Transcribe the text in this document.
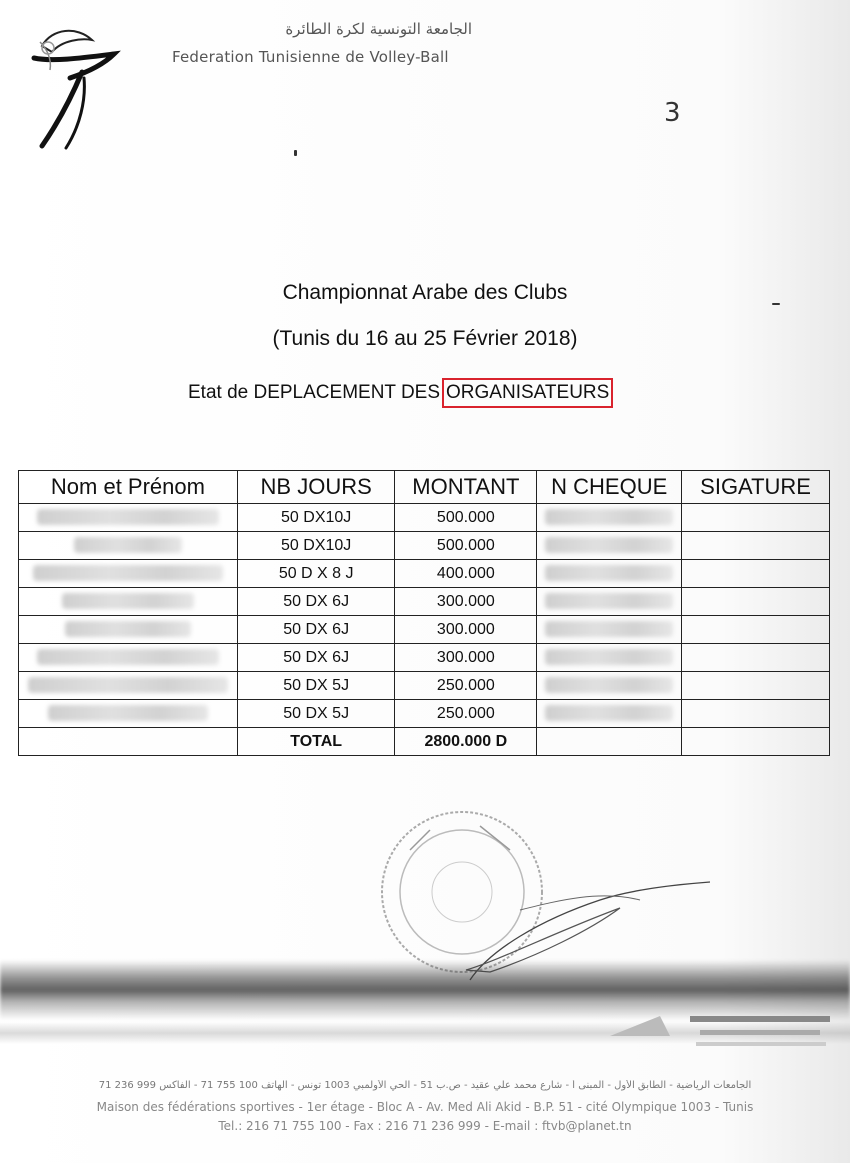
الجامعة التونسية لكرة الطائرة
Federation Tunisienne de Volley-Ball
3
Championnat Arabe des Clubs
(Tunis du 16 au 25 Février 2018)
Etat de DEPLACEMENT DES ORGANISATEURS
Nom et Prénom	NB JOURS	MONTANT	N CHEQUE	SIGATURE
	50 DX10J	500.000		
	50 DX10J	500.000		
	50 D X 8 J	400.000		
	50 DX 6J	300.000		
	50 DX 6J	300.000		
	50 DX 6J	300.000		
	50 DX 5J	250.000		
	50 DX 5J	250.000		
	TOTAL	2800.000 D		
الجامعات الرياضية - الطابق الأول - المبنى أ - شارع محمد علي عقيد - ص.ب 51 - الحي الأولمبي 1003 تونس - الهاتف 100 755 71 - الفاكس 999 236 71
Maison des fédérations sportives - 1er étage - Bloc A - Av. Med Ali Akid - B.P. 51 - cité Olympique 1003 - Tunis
Tel.: 216 71 755 100 - Fax : 216 71 236 999 - E-mail : ftvb@planet.tn
